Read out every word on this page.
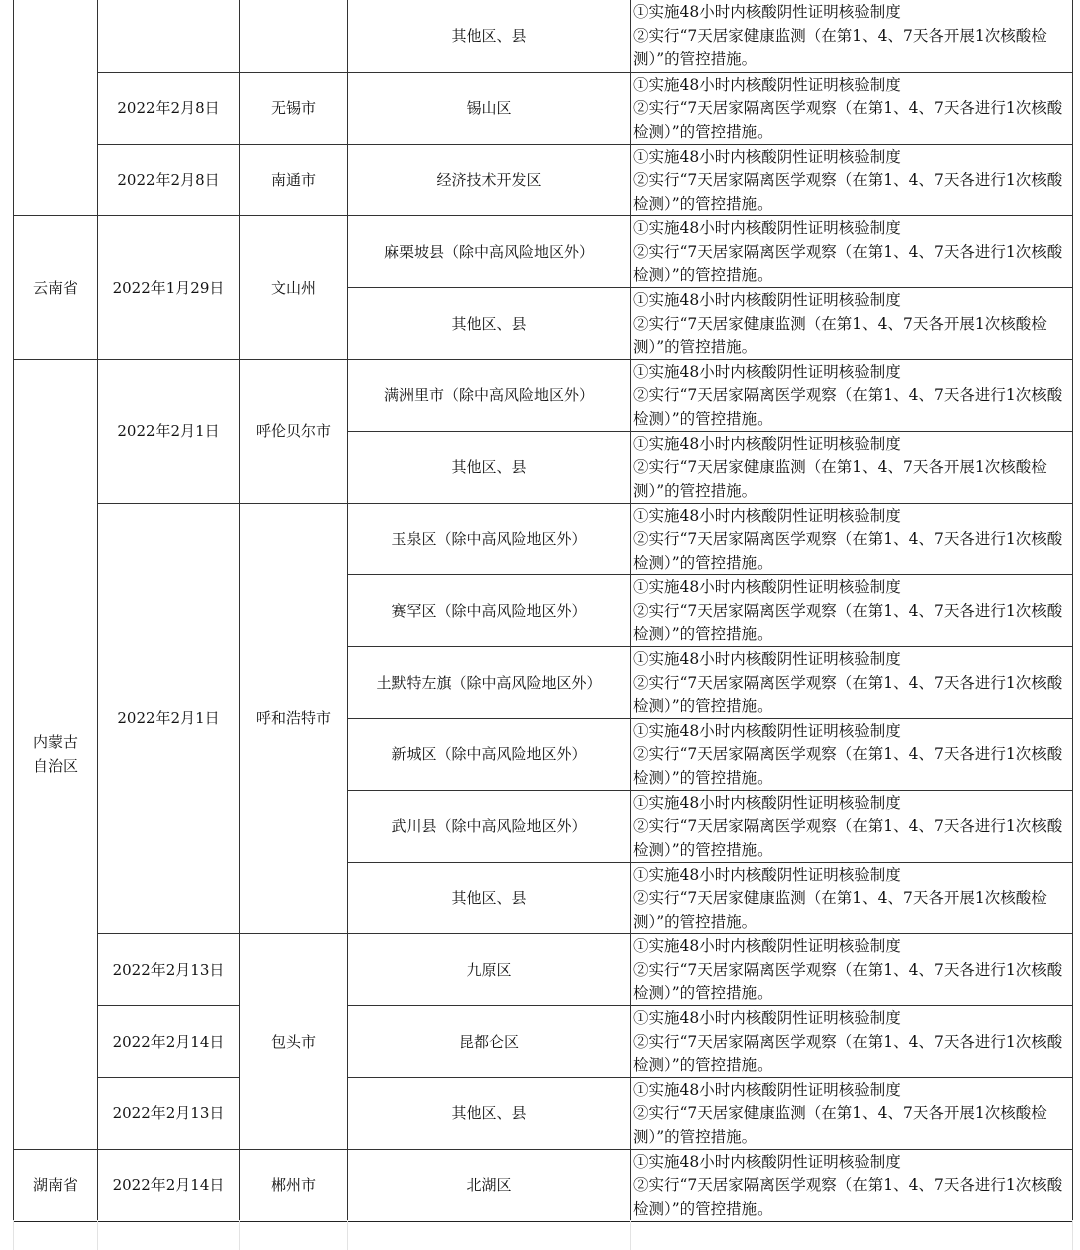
云南省
内蒙古
自治区
湖南省
2022年2月8日
2022年2月8日
2022年1月29日
2022年2月1日
2022年2月1日
2022年2月13日
2022年2月14日
2022年2月13日
2022年2月14日
无锡市
南通市
文山州
呼伦贝尔市
呼和浩特市
包头市
郴州市
其他区、县
锡山区
经济技术开发区
麻栗坡县（除中高风险地区外）
其他区、县
满洲里市（除中高风险地区外）
其他区、县
玉泉区（除中高风险地区外）
赛罕区（除中高风险地区外）
土默特左旗（除中高风险地区外）
新城区（除中高风险地区外）
武川县（除中高风险地区外）
其他区、县
九原区
昆都仑区
其他区、县
北湖区
①实施48小时内核酸阴性证明核验制度
②实行“7天居家健康监测（在第1、4、7天各开展1次核酸检测）”的管控措施。
①实施48小时内核酸阴性证明核验制度
②实行“7天居家隔离医学观察（在第1、4、7天各进行1次核酸检测）”的管控措施。
①实施48小时内核酸阴性证明核验制度
②实行“7天居家隔离医学观察（在第1、4、7天各进行1次核酸检测）”的管控措施。
①实施48小时内核酸阴性证明核验制度
②实行“7天居家隔离医学观察（在第1、4、7天各进行1次核酸检测）”的管控措施。
①实施48小时内核酸阴性证明核验制度
②实行“7天居家健康监测（在第1、4、7天各开展1次核酸检测）”的管控措施。
①实施48小时内核酸阴性证明核验制度
②实行“7天居家隔离医学观察（在第1、4、7天各进行1次核酸检测）”的管控措施。
①实施48小时内核酸阴性证明核验制度
②实行“7天居家健康监测（在第1、4、7天各开展1次核酸检测）”的管控措施。
①实施48小时内核酸阴性证明核验制度
②实行“7天居家隔离医学观察（在第1、4、7天各进行1次核酸检测）”的管控措施。
①实施48小时内核酸阴性证明核验制度
②实行“7天居家隔离医学观察（在第1、4、7天各进行1次核酸检测）”的管控措施。
①实施48小时内核酸阴性证明核验制度
②实行“7天居家隔离医学观察（在第1、4、7天各进行1次核酸检测）”的管控措施。
①实施48小时内核酸阴性证明核验制度
②实行“7天居家隔离医学观察（在第1、4、7天各进行1次核酸检测）”的管控措施。
①实施48小时内核酸阴性证明核验制度
②实行“7天居家隔离医学观察（在第1、4、7天各进行1次核酸检测）”的管控措施。
①实施48小时内核酸阴性证明核验制度
②实行“7天居家健康监测（在第1、4、7天各开展1次核酸检测）”的管控措施。
①实施48小时内核酸阴性证明核验制度
②实行“7天居家隔离医学观察（在第1、4、7天各进行1次核酸检测）”的管控措施。
①实施48小时内核酸阴性证明核验制度
②实行“7天居家隔离医学观察（在第1、4、7天各进行1次核酸检测）”的管控措施。
①实施48小时内核酸阴性证明核验制度
②实行“7天居家健康监测（在第1、4、7天各开展1次核酸检测）”的管控措施。
①实施48小时内核酸阴性证明核验制度
②实行“7天居家隔离医学观察（在第1、4、7天各进行1次核酸检测）”的管控措施。
